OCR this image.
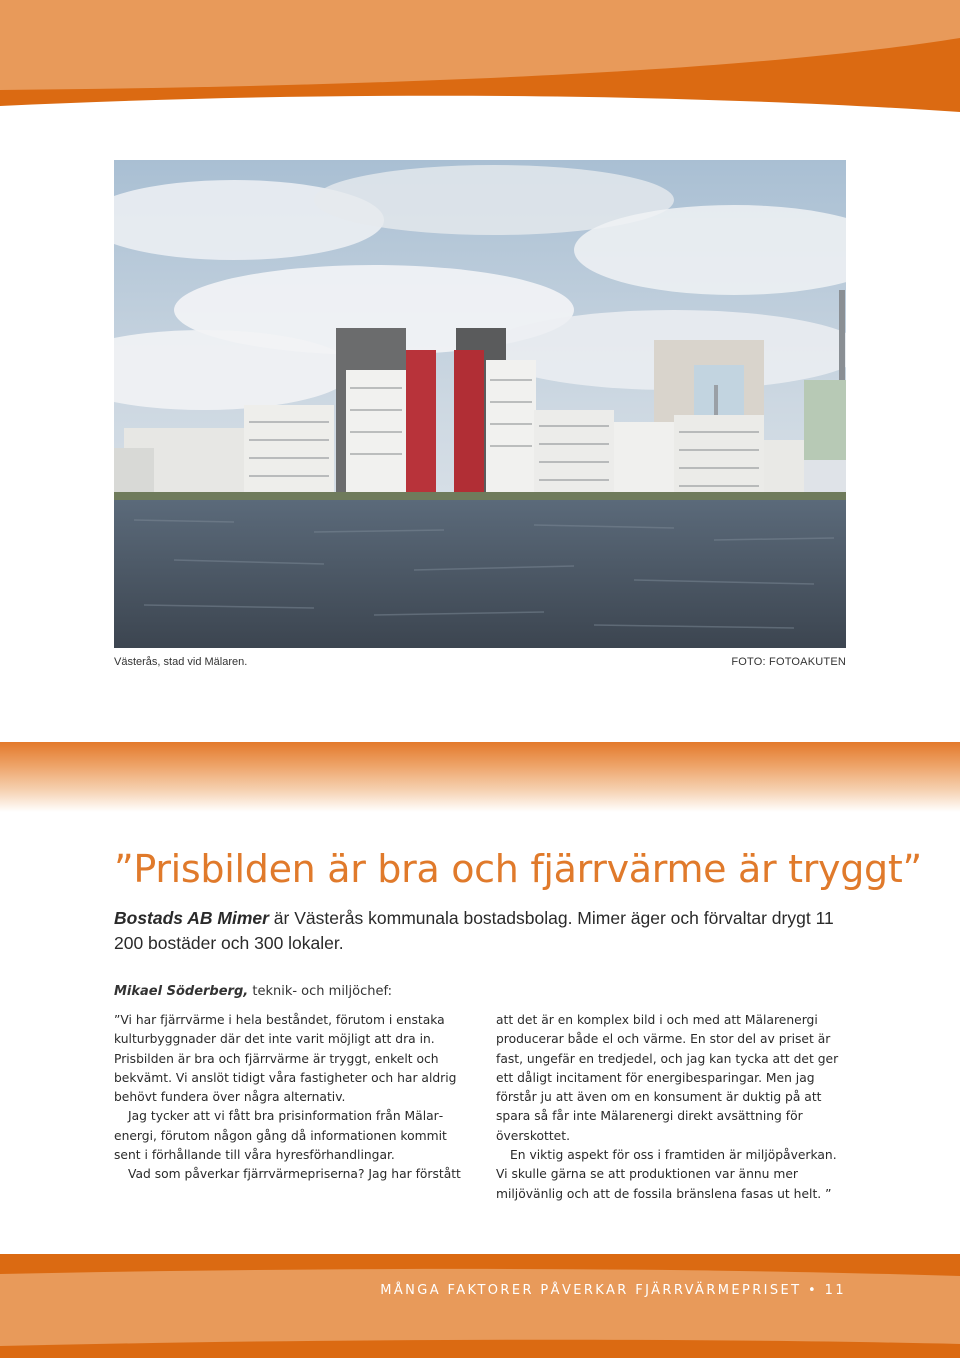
Västerås, stad vid Mälaren.	FOTO: FOTOAKUTEN
”Prisbilden är bra och fjärrvärme är tryggt”
Bostads AB Mimer är Västerås kommunala bostadsbolag. Mimer äger och förvaltar drygt 11 200 bostäder och 300 lokaler.
Mikael Söderberg, teknik- och miljöchef:

”Vi har fjärrvärme i hela beståndet, förutom i enstaka kulturbyggnader där det inte varit möjligt att dra in. Prisbilden är bra och fjärrvärme är tryggt, enkelt och bekvämt. Vi anslöt tidigt våra fastigheter och har aldrig behövt fundera över några alternativ.

Jag tycker att vi fått bra prisinformation från Mälarenergi, förutom någon gång då informationen kommit sent i förhållande till våra hyresförhandlingar.

Vad som påverkar fjärrvärmepriserna? Jag har förstått

att det är en komplex bild i och med att Mälarenergi producerar både el och värme. En stor del av priset är fast, ungefär en tredjedel, och jag kan tycka att det ger ett dåligt incitament för energibesparingar. Men jag förstår ju att även om en konsument är duktig på att spara så får inte Mälarenergi direkt avsättning för överskottet.

En viktig aspekt för oss i framtiden är miljöpåverkan. Vi skulle gärna se att produktionen var ännu mer miljövänlig och att de fossila bränslena fasas ut helt. ”

MÅNGA FAKTORER PÅVERKAR FJÄRRVÄRMEPRISET • 11
